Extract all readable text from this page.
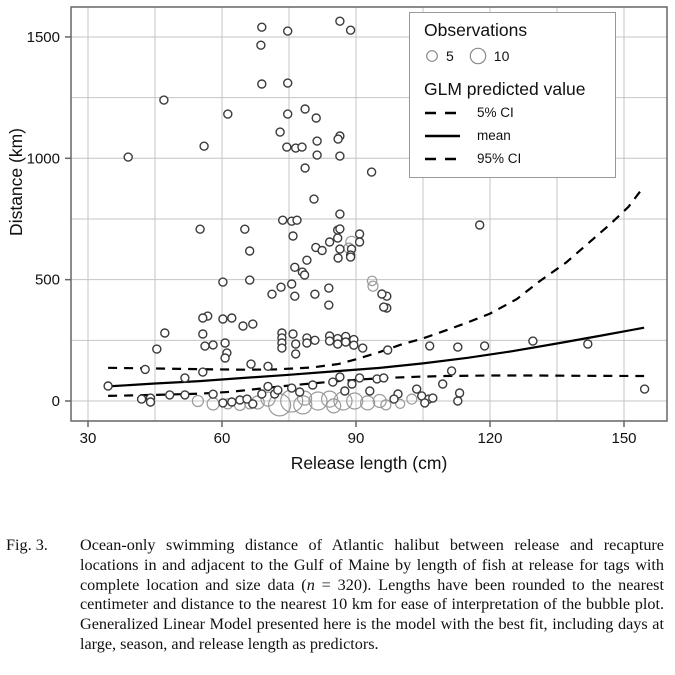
30	60	90	120	150
0
500
1000
1500
Distance (km)
Release length (cm)
Observations
5	10
GLM predicted value
5% CI
mean
95% CI
Fig. 3. Ocean-only swimming distance of Atlantic halibut between release and recapture locations in and adjacent to the Gulf of Maine by length of fish at release for tags with complete location and size data (n = 320). Lengths have been rounded to the nearest centimeter and distance to the nearest 10 km for ease of interpretation of the bubble plot. Generalized Linear Model presented here is the model with the best fit, including days at large, season, and release length as predictors.
